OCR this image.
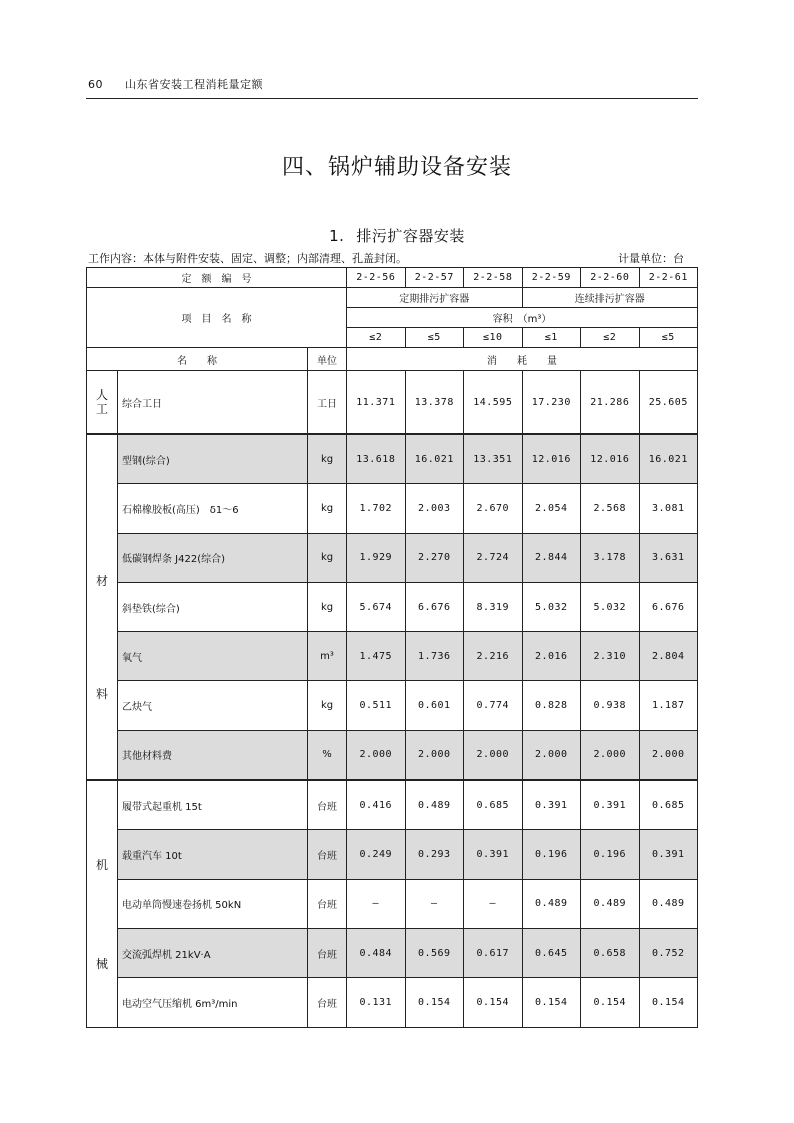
60 山东省安装工程消耗量定额
四、锅炉辅助设备安装
1. 排污扩容器安装
工作内容：本体与附件安装、固定、调整；内部清理、孔盖封闭。	计量单位：台
定　额　编　号			2-2-56	2-2-57	2-2-58	2-2-59	2-2-60	2-2-61
项　目　名　称			定期排污扩容器			连续排污扩容器		
			容积　（m³）					
			≤2	≤5	≤10	≤1	≤2	≤5
名　　称		单位	消　　耗　　量					

人工	综合工日	工日	11.371	13.378	14.595	17.230	21.286	25.605

材
料	型钢(综合)	kg	13.618	16.021	13.351	12.016	12.016	16.021
	石棉橡胶板(高压)　δ1～6	kg	1.702	2.003	2.670	2.054	2.568	3.081
	低碳钢焊条 J422(综合)	kg	1.929	2.270	2.724	2.844	3.178	3.631
	斜垫铁(综合)	kg	5.674	6.676	8.319	5.032	5.032	6.676
	氧气	m³	1.475	1.736	2.216	2.016	2.310	2.804
	乙炔气	kg	0.511	0.601	0.774	0.828	0.938	1.187
	其他材料费	%	2.000	2.000	2.000	2.000	2.000	2.000

机
械	履带式起重机 15t	台班	0.416	0.489	0.685	0.391	0.391	0.685
	载重汽车 10t	台班	0.249	0.293	0.391	0.196	0.196	0.391
	电动单筒慢速卷扬机 50kN	台班	—	—	—	0.489	0.489	0.489
	交流弧焊机 21kV·A	台班	0.484	0.569	0.617	0.645	0.658	0.752
	电动空气压缩机 6m³/min	台班	0.131	0.154	0.154	0.154	0.154	0.154
